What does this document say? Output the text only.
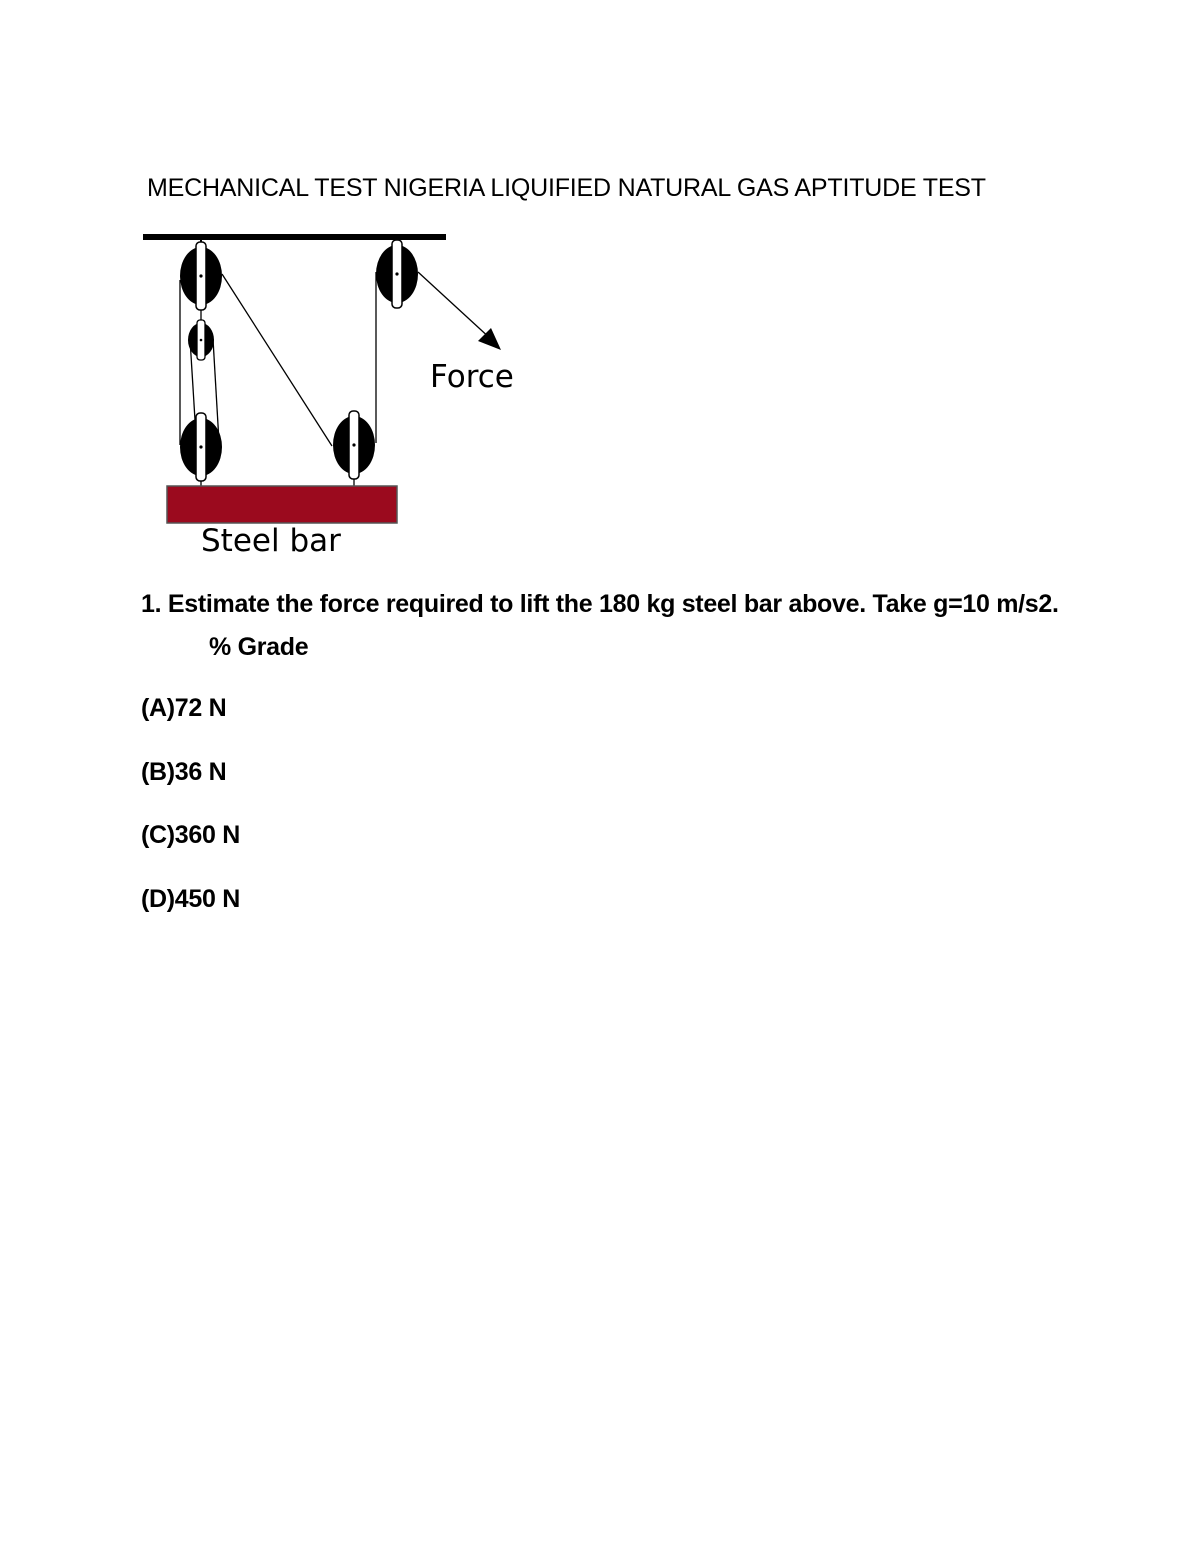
MECHANICAL TEST NIGERIA LIQUIFIED NATURAL GAS APTITUDE TEST
Force
Steel bar
1. Estimate the force required to lift the 180 kg steel bar above. Take g=10 m/s2.% Grade
(A)72 N
(B)36 N
(C)360 N
(D)450 N
